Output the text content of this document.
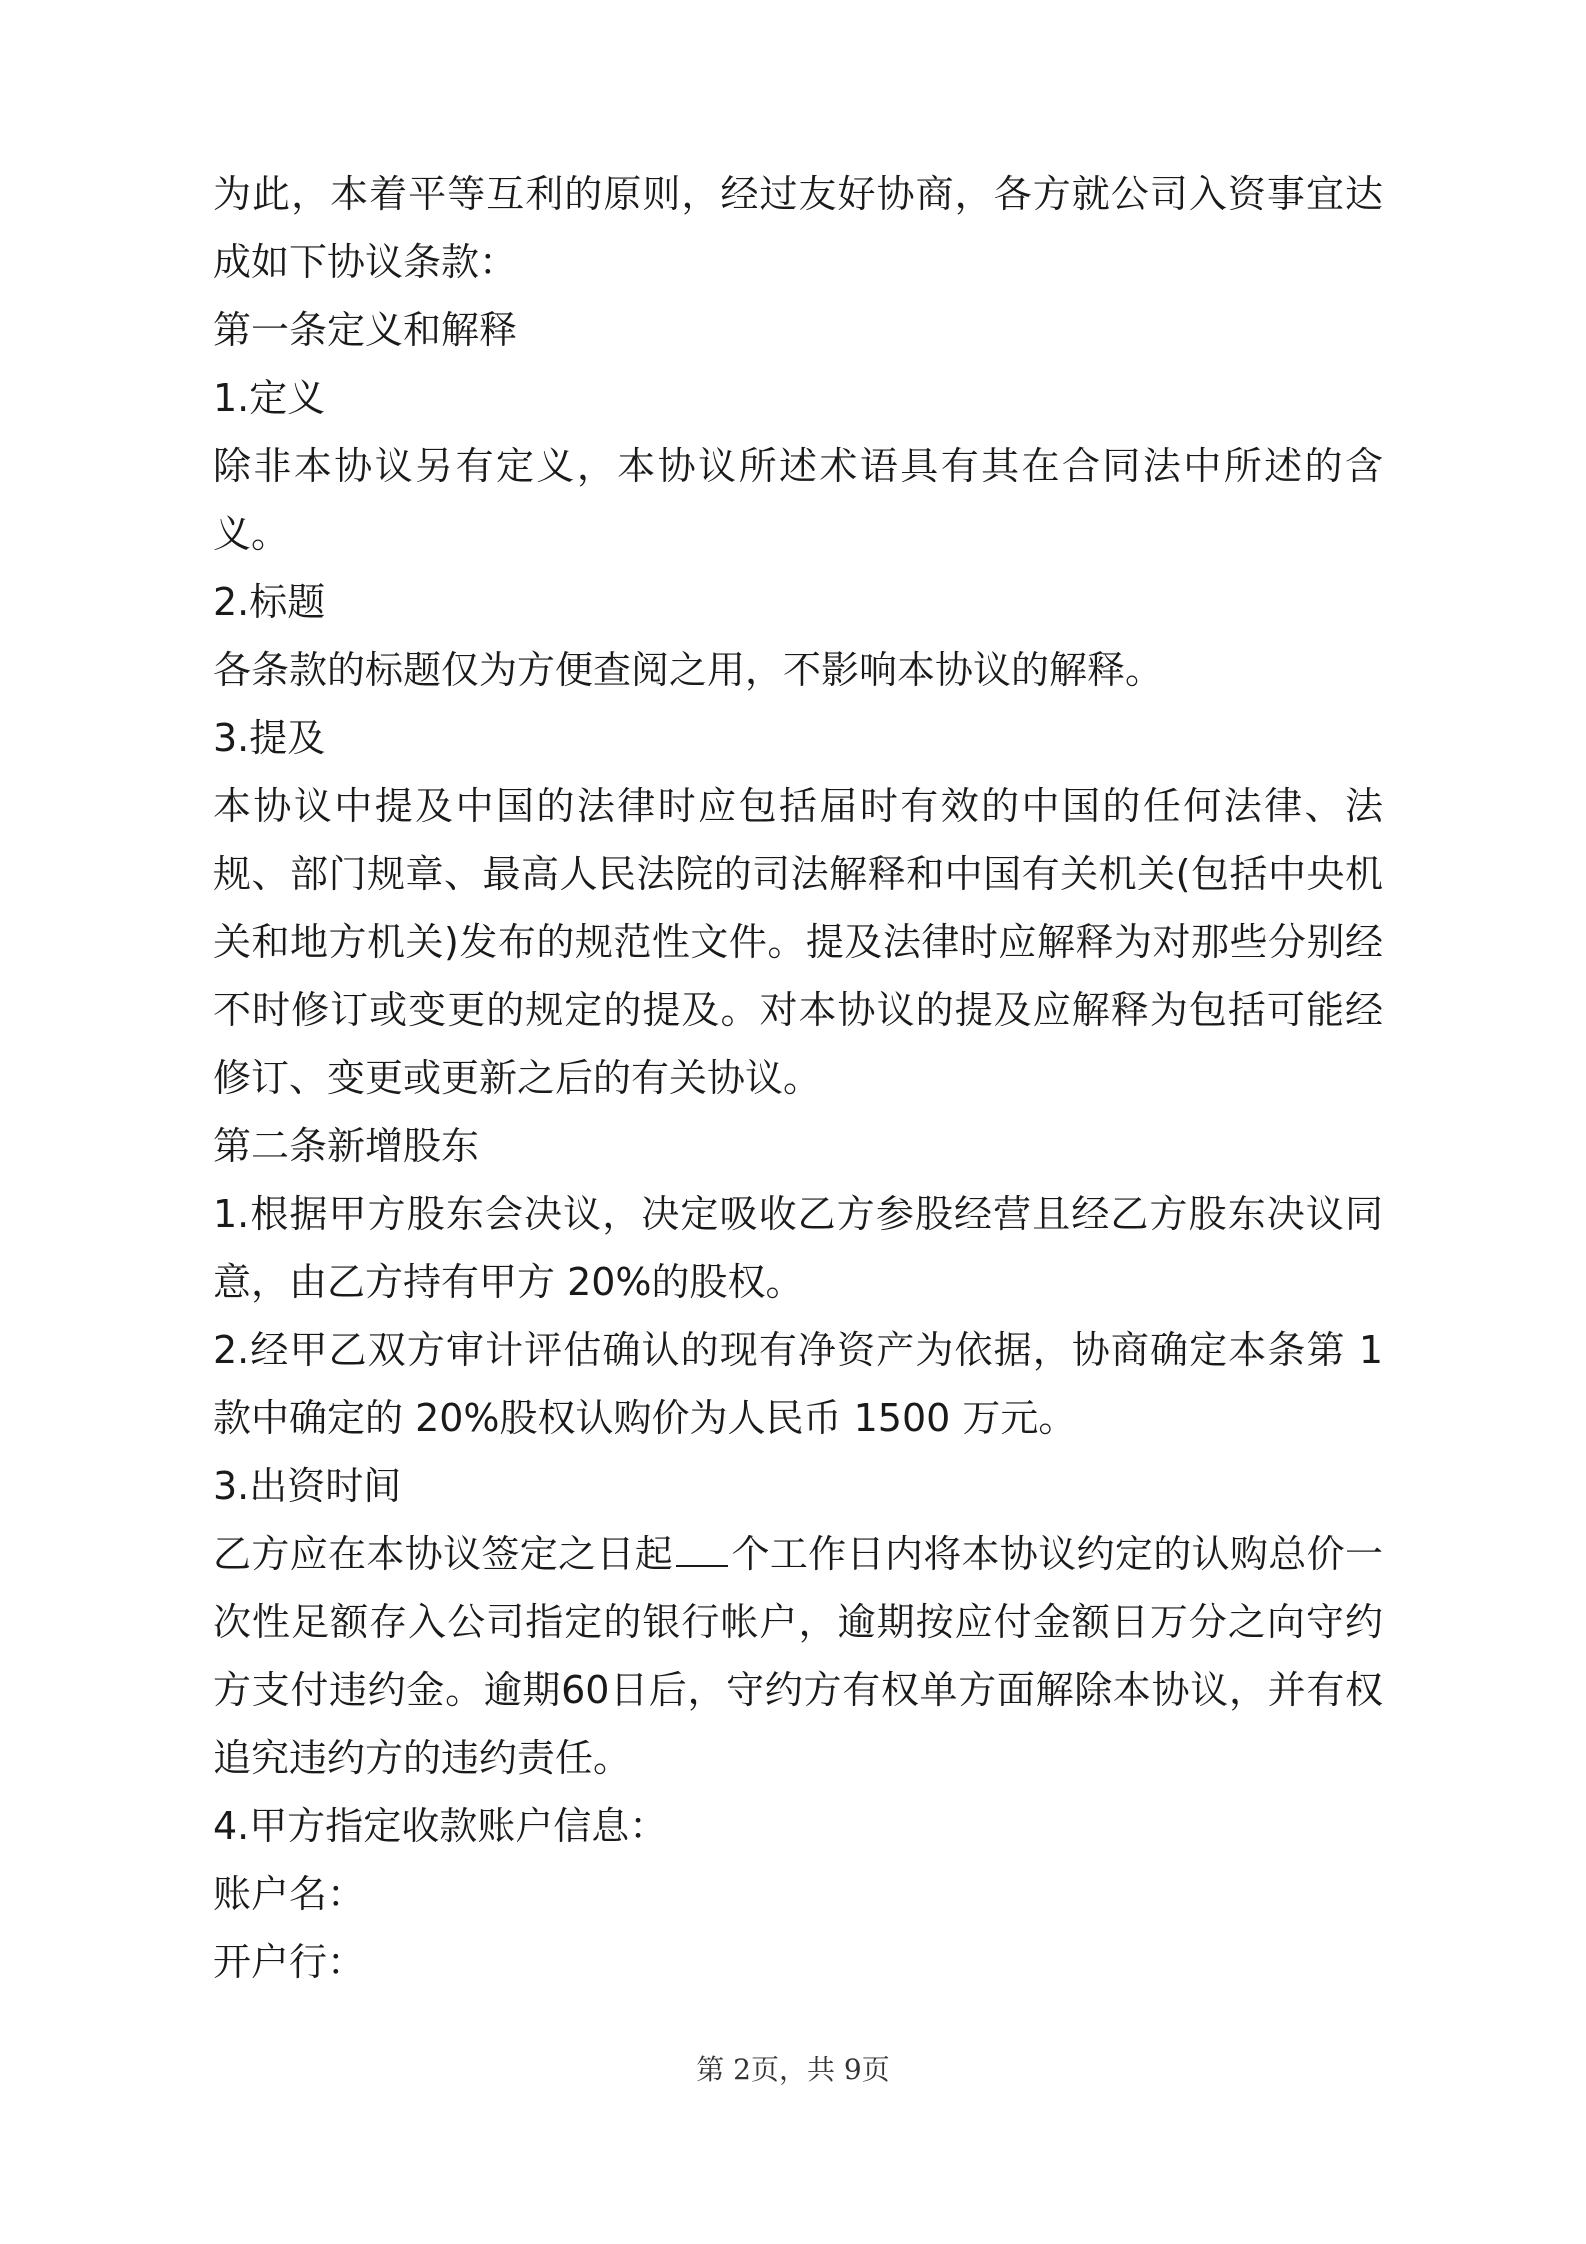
为此，本着平等互利的原则，经过友好协商，各方就公司入资事宜达成如下协议条款：

第一条定义和解释

1.定义

除非本协议另有定义，本协议所述术语具有其在合同法中所述的含义。

2.标题

各条款的标题仅为方便查阅之用，不影响本协议的解释。

3.提及

本协议中提及中国的法律时应包括届时有效的中国的任何法律、法规、部门规章、最高人民法院的司法解释和中国有关机关(包括中央机关和地方机关)发布的规范性文件。提及法律时应解释为对那些分别经不时修订或变更的规定的提及。对本协议的提及应解释为包括可能经修订、变更或更新之后的有关协议。

第二条新增股东

1.根据甲方股东会决议，决定吸收乙方参股经营且经乙方股东决议同意，由乙方持有甲方 20%的股权。

2.经甲乙双方审计评估确认的现有净资产为依据，协商确定本条第 1 款中确定的 20%股权认购价为人民币 1500 万元。

3.出资时间

乙方应在本协议签定之日起 个工作日内将本协议约定的认购总价一次性足额存入公司指定的银行帐户，逾期按应付金额日万分之向守约方支付违约金。逾期60日后，守约方有权单方面解除本协议，并有权追究违约方的违约责任。

4.甲方指定收款账户信息：

账户名：

开户行：

第 2页，共 9页
